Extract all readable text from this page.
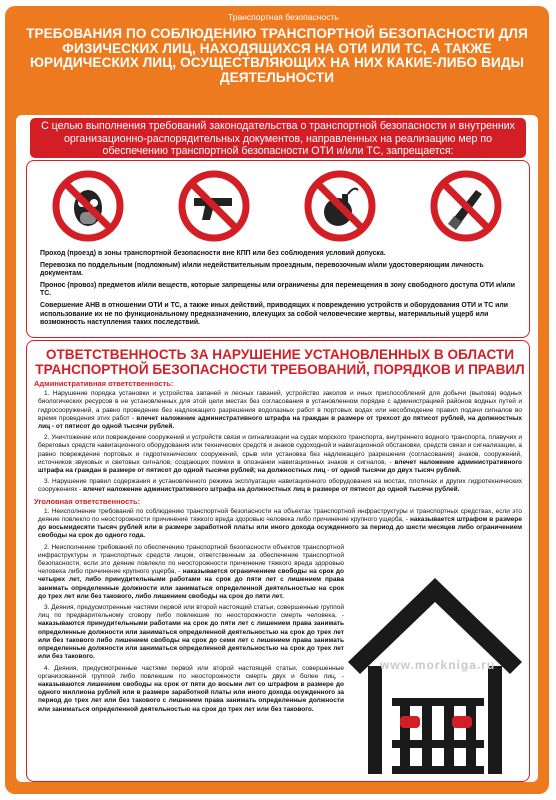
Транспортная безопасность
ТРЕБОВАНИЯ ПО СОБЛЮДЕНИЮ ТРАНСПОРТНОЙ БЕЗОПАСНОСТИ ДЛЯ ФИЗИЧЕСКИХ ЛИЦ, НАХОДЯЩИХСЯ НА ОТИ ИЛИ ТС, А ТАКЖЕ ЮРИДИЧЕСКИХ ЛИЦ, ОСУЩЕСТВЛЯЮЩИХ НА НИХ КАКИЕ-ЛИБО ВИДЫ ДЕЯТЕЛЬНОСТИ
С целью выполнения требований законодательства о транспортной безопасности и внутренних организационно-распорядительных документов, направленных на реализацию мер по обеспечению транспортной безопасности ОТИ и/или ТС, запрещается:

Проход (проезд) в зоны транспортной безопасности вне КПП или без соблюдения условий допуска.

Перевозка по поддельным (подложным) и/или недействительным проездным, перевозочным и/или удостоверяющим личность документам.

Пронос (провоз) предметов и/или веществ, которые запрещены или ограничены для перемещения в зону свободного доступа ОТИ и/или ТС.

Совершение АНВ в отношении ОТИ и ТС, а также иных действий, приводящих к повреждению устройств и оборудования ОТИ и ТС или использование их не по функциональному предназначению, влекущих за собой человеческие жертвы, материальный ущерб или возможность наступления таких последствий.

ОТВЕТСТВЕННОСТЬ ЗА НАРУШЕНИЕ УСТАНОВЛЕННЫХ В ОБЛАСТИ ТРАНСПОРТНОЙ БЕЗОПАСНОСТИ ТРЕБОВАНИЙ, ПОРЯДКОВ И ПРАВИЛ
Административная ответственность:
1. Нарушение порядка установки и устройства запаней и лесных гаваней, устройство заколов и иных приспособлений для добычи (вылова) водных биологических ресурсов в не установленных для этой цели местах без согласования в установленном порядке с администрацией районов водных путей и гидросооружений, а равно проведение без надлежащего разрешения водолазных работ в портовых водах или несоблюдение правил подачи сигналов во время проведения этих работ - влечет наложение административного штрафа на граждан в размере от трехсот до пятисот рублей, на должностных лиц - от пятисот до одной тысячи рублей.
2. Уничтожение или повреждение сооружений и устройств связи и сигнализации на судах морского транспорта, внутреннего водного транспорта, плавучих и береговых средств навигационного оборудования или технических средств и знаков судоходной и навигационной обстановки, средств связи и сигнализации, а равно повреждение портовых и гидротехнических сооружений, срыв или установка без надлежащего разрешения (согласования) знаков, сооружений, источников звуковых и световых сигналов, создающих помехи в опознании навигационных знаков и сигналов, - влечет наложение административного штрафа на граждан в размере от пятисот до одной тысячи рублей; на должностных лиц - от одной тысячи до двух тысяч рублей.
3. Нарушение правил содержания и установленного режима эксплуатации навигационного оборудования на мостах, плотинах и других гидротехнических сооружениях - влечет наложение административного штрафа на должностных лиц в размере от пятисот до одной тысячи рублей.
Уголовная ответственность:
1. Неисполнение требований по соблюдению транспортной безопасности на объектах транспортной инфраструктуры и транспортных средствах, если это деяние повлекло по неосторожности причинение тяжкого вреда здоровью человека либо причинение крупного ущерба, - наказывается штрафом в размере до восьмидесяти тысяч рублей или в размере заработной платы или иного дохода осужденного за период до шести месяцев либо ограничением свободы на срок до одного года.
2. Неисполнение требований по обеспечению транспортной безопасности объектов транспортной инфраструктуры и транспортных средств лицом, ответственным за обеспечение транспортной безопасности, если это деяние повлекло по неосторожности причинение тяжкого вреда здоровью человека либо причинение крупного ущерба, - наказывается ограничением свободы на срок до четырех лет, либо принудительными работами на срок до пяти лет с лишением права занимать определенные должности или заниматься определенной деятельностью на срок до трех лет или без такового, либо лишением свободы на срок до пяти лет.
3. Деяния, предусмотренные частями первой или второй настоящей статьи, совершенные группой лиц по предварительному сговору либо повлекшие по неосторожности смерть человека, - наказываются принудительными работами на срок до пяти лет с лишением права занимать определенные должности или заниматься определенной деятельностью на срок до трех лет или без такового либо лишением свободы на срок до семи лет с лишением права занимать определенные должности или заниматься определенной деятельностью на срок до трех лет или без такового.
4. Деяния, предусмотренные частями первой или второй настоящей статьи, совершенные организованной группой либо повлекшие по неосторожности смерть двух и более лиц, - наказываются лишением свободы на срок от пяти до восьми лет со штрафом в размере до одного миллиона рублей или в размере заработной платы или иного дохода осужденного за период до трех лет или без такового с лишением права занимать определенные должности или заниматься определенной деятельностью на срок до трех лет или без такового.
www.morkniga.ru
